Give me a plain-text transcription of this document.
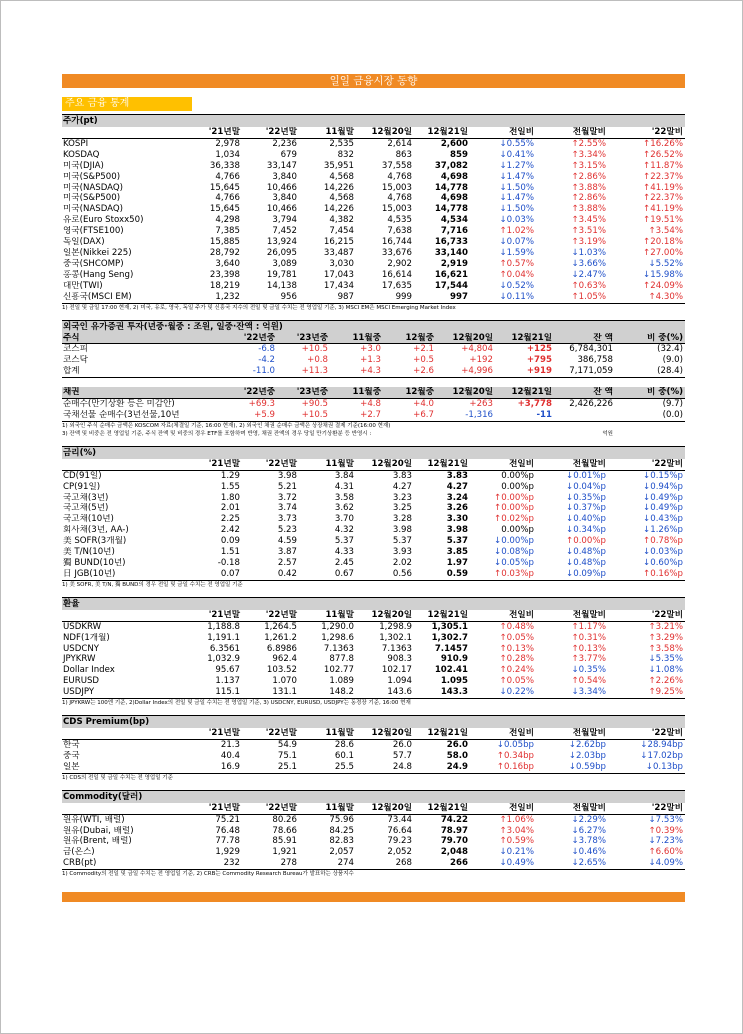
일일 금융시장 동향
주요 금융 통계
주가(pt)
	'21년말	'22년말	11월말	12월20일	12월21일	전일비	전월말비	'22말비
KOSPI	2,978	2,236	2,535	2,614	2,600	↓0.55%	↑2.55%	↑16.26%
KOSDAQ	1,034	679	832	863	859	↓0.41%	↑3.34%	↑26.52%
미국(DJIA)	36,338	33,147	35,951	37,558	37,082	↓1.27%	↑3.15%	↑11.87%
미국(S&P500)	4,766	3,840	4,568	4,768	4,698	↓1.47%	↑2.86%	↑22.37%
미국(NASDAQ)	15,645	10,466	14,226	15,003	14,778	↓1.50%	↑3.88%	↑41.19%
미국(S&P500)	4,766	3,840	4,568	4,768	4,698	↓1.47%	↑2.86%	↑22.37%
미국(NASDAQ)	15,645	10,466	14,226	15,003	14,778	↓1.50%	↑3.88%	↑41.19%
유로(Euro Stoxx50)	4,298	3,794	4,382	4,535	4,534	↓0.03%	↑3.45%	↑19.51%
영국(FTSE100)	7,385	7,452	7,454	7,638	7,716	↑1.02%	↑3.51%	↑3.54%
독일(DAX)	15,885	13,924	16,215	16,744	16,733	↓0.07%	↑3.19%	↑20.18%
일본(Nikkei 225)	28,792	26,095	33,487	33,676	33,140	↓1.59%	↓1.03%	↑27.00%
중국(SHCOMP)	3,640	3,089	3,030	2,902	2,919	↑0.57%	↓3.66%	↓5.52%
홍콩(Hang Seng)	23,398	19,781	17,043	16,614	16,621	↑0.04%	↓2.47%	↓15.98%
대만(TWI)	18,219	14,138	17,434	17,635	17,544	↓0.52%	↑0.63%	↑24.09%
신흥국(MSCI EM)	1,232	956	987	999	997	↓0.11%	↑1.05%	↑4.30%
1) 전일 및 금일 17:00 현재, 2) 미국, 유로, 영국, 독일 주가 및 신흥국 지수의 전일 및 금일 수치는 전 영업일 기준, 3) MSCI EM은 MSCI Emerging Market Index
외국인 유가증권 투자(년중·월중 : 조원, 일중·잔액 : 억원)
주식	'22년중	'23년중	11월중	12월중	12월20일	12월21일	잔 액	비 중(%)
코스피	-6.8	+10.5	+3.0	+2.1	+4,804	+125	6,784,301	(32.4)
코스닥	-4.2	+0.8	+1.3	+0.5	+192	+795	386,758	(9.0)
합계	-11.0	+11.3	+4.3	+2.6	+4,996	+919	7,171,059	(28.4)
채권	'22년중	'23년중	11월중	12월중	12월20일	12월21일	잔 액	비 중(%)
순매수(만기상환 등은 미감안)	+69.3	+90.5	+4.8	+4.0	+263	+3,778	2,426,226	(9.7)
국채선물 순매수(3년선물,10년	+5.9	+10.5	+2.7	+6.7	-1,316	-11		(0.0)
1) 외국인 주식 순매수 금액은 KOSCOM 자료(체결일 기준, 16:00 현재), 2) 외국인 채권 순매수 금액은 상장채권 결제 기준(16:00 현재)
3) 잔액 및 비중은 전 영업일 기준, 주식 잔액 및 비중의 경우 ETF를 포함하며 반영, 채권 잔액의 경우 당일 만기상환분 등 반영시 :	억원
금리(%)
	'21년말	'22년말	11월말	12월20일	12월21일	전일비	전월말비	'22말비
CD(91일)	1.29	3.98	3.84	3.83	3.83	0.00%p	↓0.01%p	↓0.15%p
CP(91일)	1.55	5.21	4.31	4.27	4.27	0.00%p	↓0.04%p	↓0.94%p
국고채(3년)	1.80	3.72	3.58	3.23	3.24	↑0.00%p	↓0.35%p	↓0.49%p
국고채(5년)	2.01	3.74	3.62	3.25	3.26	↑0.00%p	↓0.37%p	↓0.49%p
국고채(10년)	2.25	3.73	3.70	3.28	3.30	↑0.02%p	↓0.40%p	↓0.43%p
회사채(3년, AA-)	2.42	5.23	4.32	3.98	3.98	0.00%p	↓0.34%p	↓1.26%p
美 SOFR(3개월)	0.09	4.59	5.37	5.37	5.37	↓0.00%p	↑0.00%p	↑0.78%p
美 T/N(10년)	1.51	3.87	4.33	3.93	3.85	↓0.08%p	↓0.48%p	↓0.03%p
獨 BUND(10년)	-0.18	2.57	2.45	2.02	1.97	↓0.05%p	↓0.48%p	↓0.60%p
日 JGB(10년)	0.07	0.42	0.67	0.56	0.59	↑0.03%p	↓0.09%p	↑0.16%p
1) 美 SOFR, 美 T/N, 獨 BUND의 경우 전일 및 금일 수치는 전 영업일 기준
환율
	'21년말	'22년말	11월말	12월20일	12월21일	전일비	전월말비	'22말비
USDKRW	1,188.8	1,264.5	1,290.0	1,298.9	1,305.1	↑0.48%	↑1.17%	↑3.21%
NDF(1개월)	1,191.1	1,261.2	1,298.6	1,302.1	1,302.7	↑0.05%	↑0.31%	↑3.29%
USDCNY	6.3561	6.8986	7.1363	7.1363	7.1457	↑0.13%	↑0.13%	↑3.58%
JPYKRW	1,032.9	962.4	877.8	908.3	910.9	↑0.28%	↑3.77%	↓5.35%
Dollar Index	95.67	103.52	102.77	102.17	102.41	↑0.24%	↓0.35%	↓1.08%
EURUSD	1.137	1.070	1.089	1.094	1.095	↑0.05%	↑0.54%	↑2.26%
USDJPY	115.1	131.1	148.2	143.6	143.3	↓0.22%	↓3.34%	↑9.25%
1) JPYKRW는 100엔 기준, 2)Dollar Index의 전일 및 금일 수치는 전 영업일 기준, 3) USDCNY, EURUSD, USDJPY는 동경장 기준, 16:00 현재
CDS Premium(bp)
	'21년말	'22년말	11월말	12월20일	12월21일	전일비	전월말비	'22말비
한국	21.3	54.9	28.6	26.0	26.0	↓0.05bp	↓2.62bp	↓28.94bp
중국	40.4	75.1	60.1	57.7	58.0	↑0.34bp	↓2.03bp	↓17.02bp
일본	16.9	25.1	25.5	24.8	24.9	↑0.16bp	↓0.59bp	↓0.13bp
1) CDS의 전일 및 금일 수치는 전 영업일 기준
Commodity(달러)
	'21년말	'22년말	11월말	12월20일	12월21일	전일비	전월말비	'22말비
원유(WTI, 배럴)	75.21	80.26	75.96	73.44	74.22	↑1.06%	↓2.29%	↓7.53%
원유(Dubai, 배럴)	76.48	78.66	84.25	76.64	78.97	↑3.04%	↓6.27%	↑0.39%
원유(Brent, 배럴)	77.78	85.91	82.83	79.23	79.70	↑0.59%	↓3.78%	↓7.23%
금(온스)	1,929	1,921	2,057	2,052	2,048	↓0.21%	↓0.46%	↑6.60%
CRB(pt)	232	278	274	268	266	↓0.49%	↓2.65%	↓4.09%
1) Commodity의 전일 및 금일 수치는 전 영업일 기준, 2) CRB는 Commodity Research Bureau가 발표하는 상품지수
